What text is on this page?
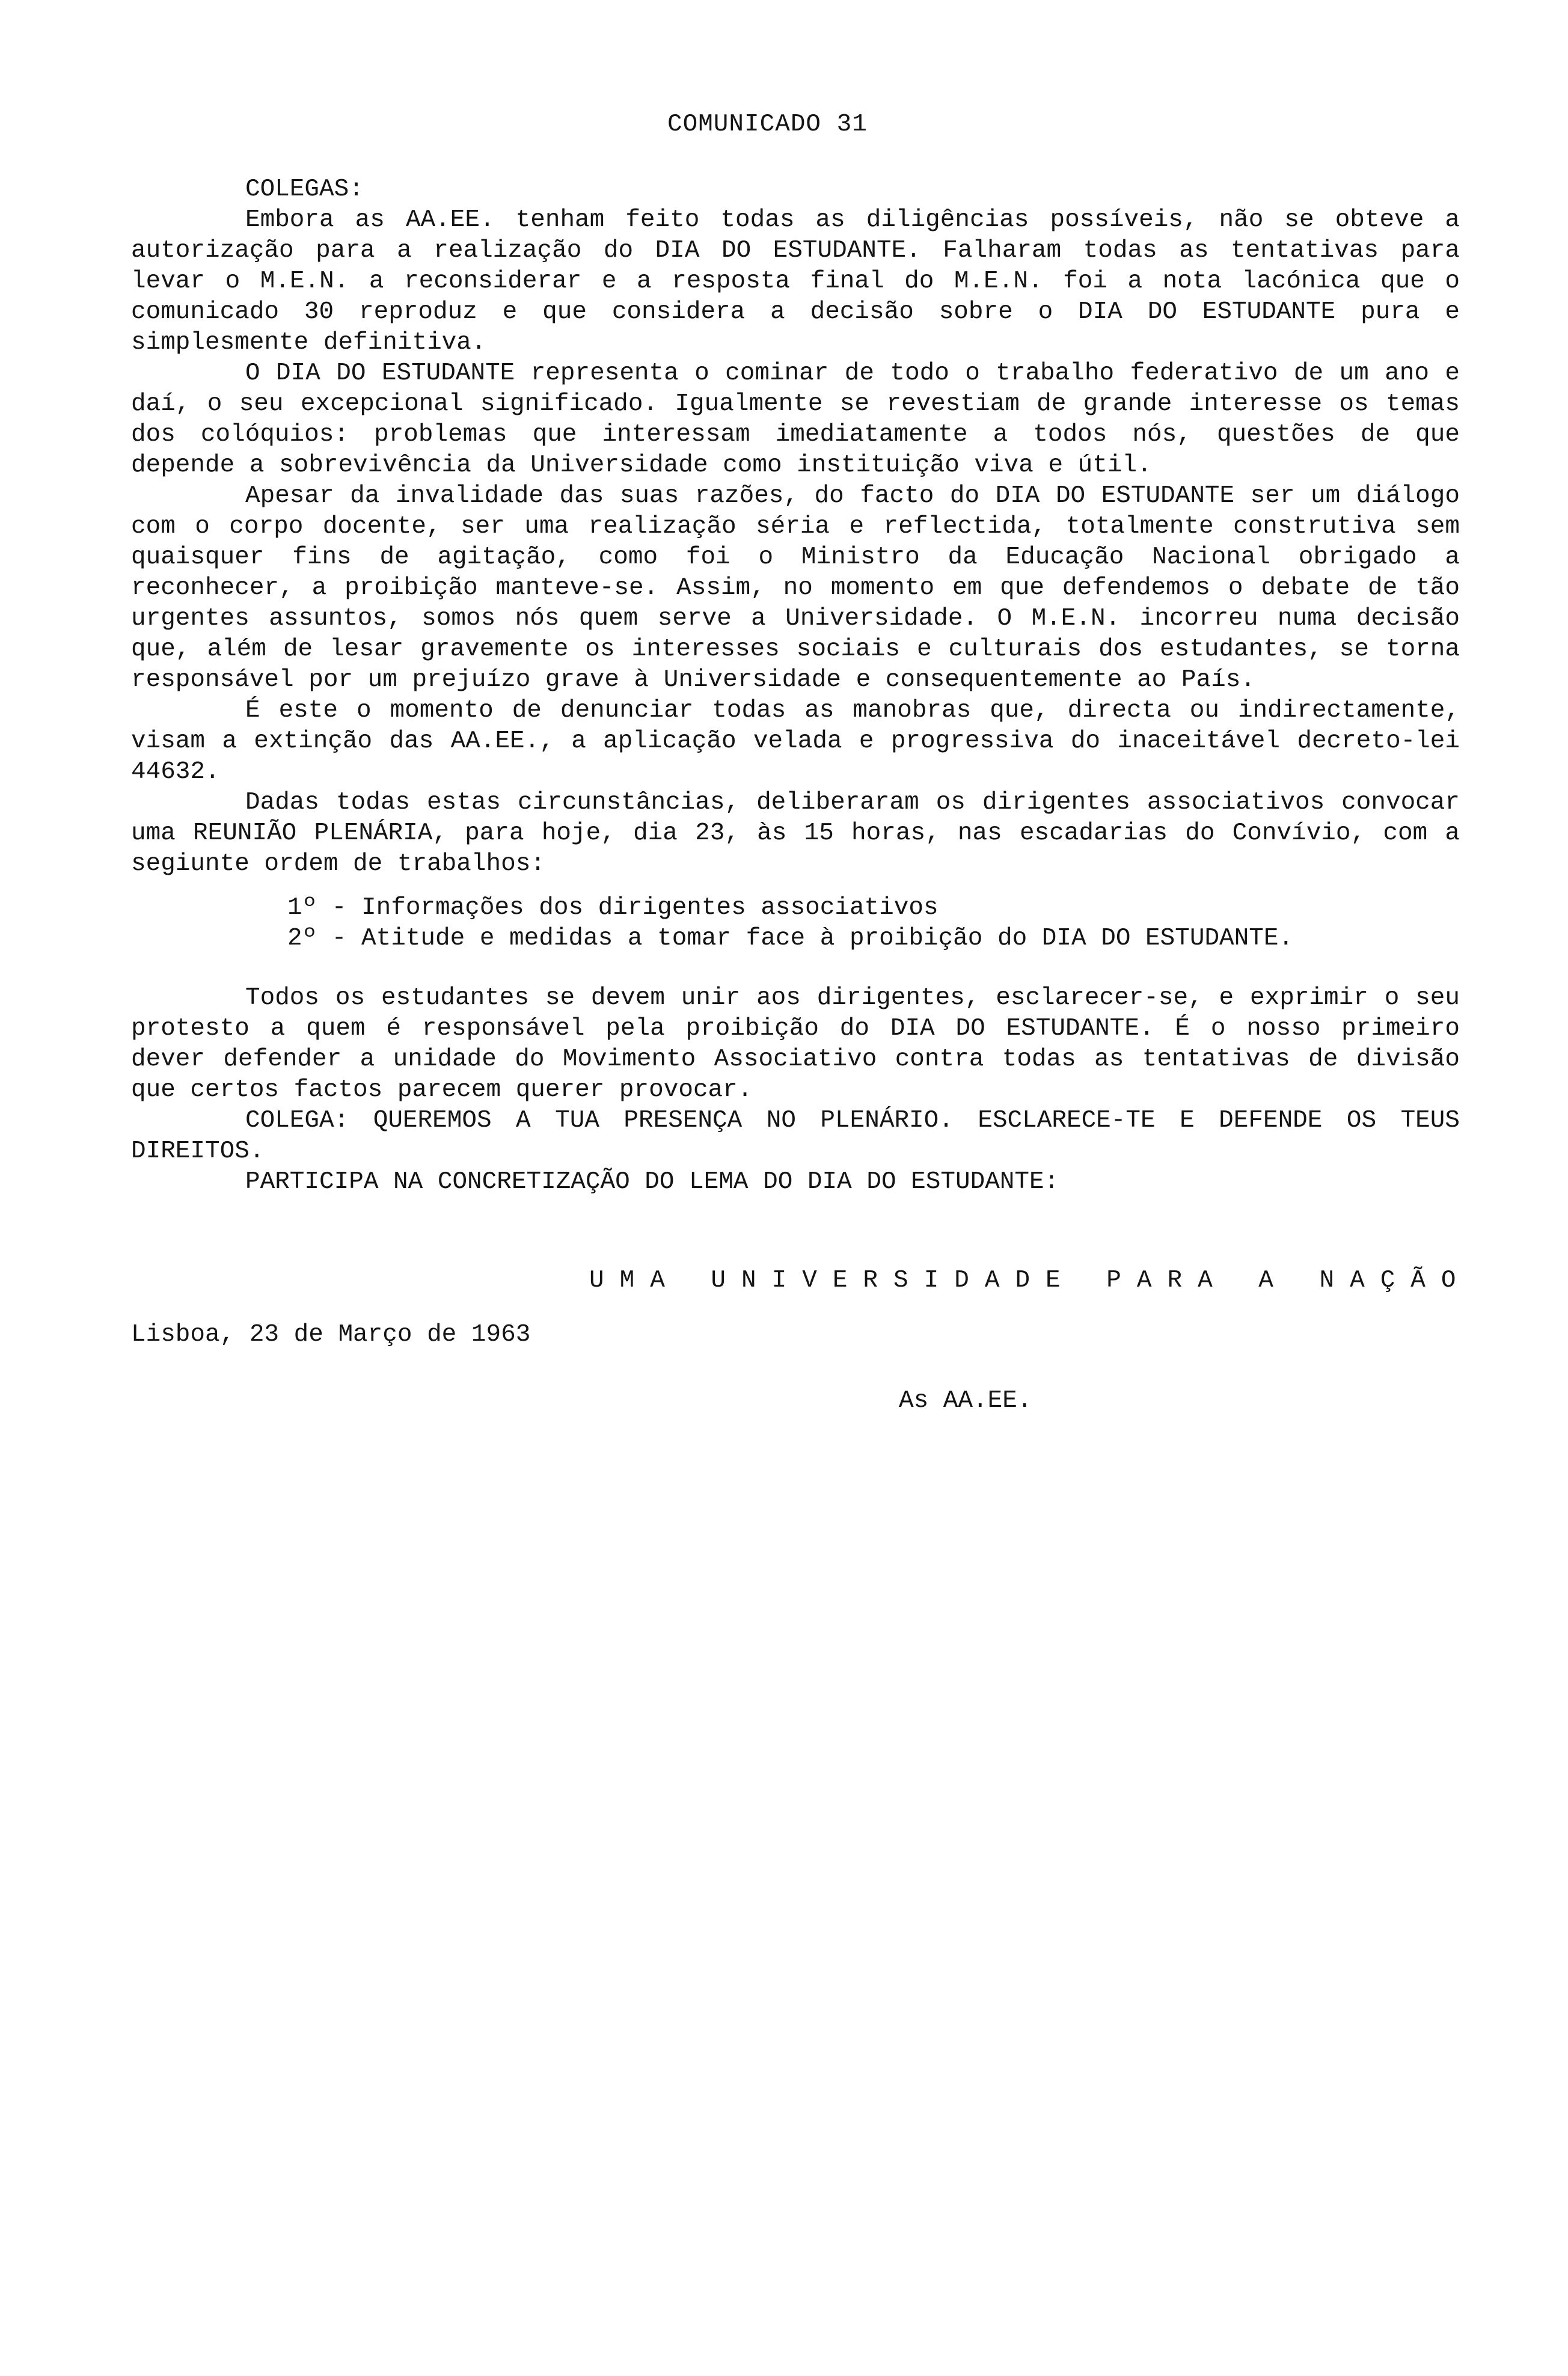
COMUNICADO 31

COLEGAS:

Embora as AA.EE. tenham feito todas as diligências possíveis, não se obteve a autorização para a realização do DIA DO ESTUDANTE. Falharam todas as tentativas para levar o M.E.N. a reconsiderar e a resposta final do M.E.N. foi a nota lacónica que o comunicado 30 reproduz e que considera a decisão sobre o DIA DO ESTUDANTE pura e simplesmente definitiva.

O DIA DO ESTUDANTE representa o cominar de todo o trabalho federativo de um ano e daí, o seu excepcional significado. Igualmente se revestiam de grande interesse os temas dos colóquios: problemas que interessam imediatamente a todos nós, questões de que depende a sobrevivência da Universidade como instituição viva e útil.

Apesar da invalidade das suas razões, do facto do DIA DO ESTUDANTE ser um diálogo com o corpo docente, ser uma realização séria e reflectida, totalmente construtiva sem quaisquer fins de agitação, como foi o Ministro da Educação Nacional obrigado a reconhecer, a proibição manteve-se. Assim, no momento em que defendemos o debate de tão urgentes assuntos, somos nós quem serve a Universidade. O M.E.N. incorreu numa decisão que, além de lesar gravemente os interesses sociais e culturais dos estudantes, se torna responsável por um prejuízo grave à Universidade e consequentemente ao País.

É este o momento de denunciar todas as manobras que, directa ou indirectamente, visam a extinção das AA.EE., a aplicação velada e progressiva do inaceitável decreto-lei 44632.

Dadas todas estas circunstâncias, deliberaram os dirigentes associativos convocar uma REUNIÃO PLENÁRIA, para hoje, dia 23, às 15 horas, nas escadarias do Convívio, com a segiunte ordem de trabalhos:

1º - Informações dos dirigentes associativos
2º - Atitude e medidas a tomar face à proibição do DIA DO ESTUDANTE.

Todos os estudantes se devem unir aos dirigentes, esclarecer-se, e exprimir o seu protesto a quem é responsável pela proibição do DIA DO ESTUDANTE. É o nosso primeiro dever defender a unidade do Movimento Associativo contra todas as tentativas de divisão que certos factos parecem querer provocar.

COLEGA: QUEREMOS A TUA PRESENÇA NO PLENÁRIO. ESCLARECE-TE E DEFENDE OS TEUS DIREITOS.

PARTICIPA NA CONCRETIZAÇÃO DO LEMA DO DIA DO ESTUDANTE:

UMA UNIVERSIDADE PARA A NAÇÃO
Lisboa, 23 de Março de 1963
As AA.EE.
